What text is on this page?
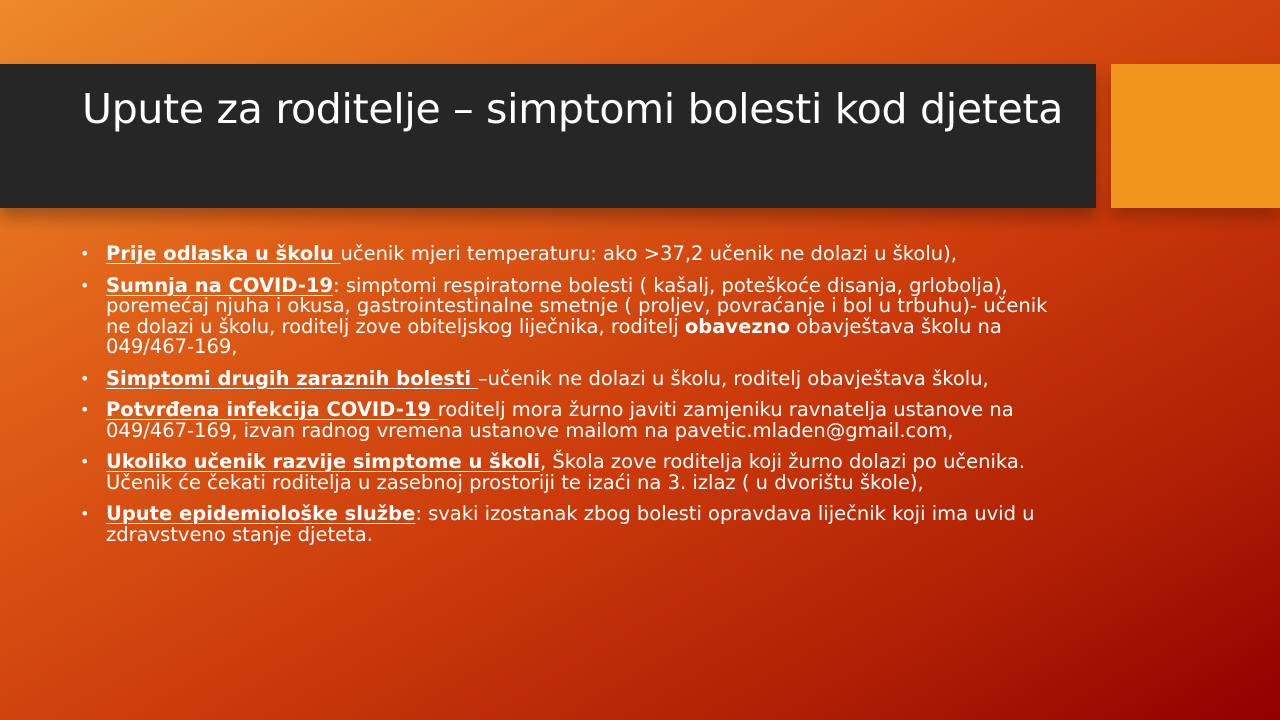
Upute za roditelje – simptomi bolesti kod djeteta
• Prije odlaska u školu učenik mjeri temperaturu: ako >37,2 učenik ne dolazi u školu),
• Sumnja na COVID-19: simptomi respiratorne bolesti ( kašalj, poteškoće disanja, grlobolja), poremećaj njuha i okusa, gastrointestinalne smetnje ( proljev, povraćanje i bol u trbuhu)- učenik ne dolazi u školu, roditelj zove obiteljskog liječnika, roditelj obavezno obavještava školu na 049/467-169,
• Simptomi drugih zaraznih bolesti –učenik ne dolazi u školu, roditelj obavještava školu,
• Potvrđena infekcija COVID-19 roditelj mora žurno javiti zamjeniku ravnatelja ustanove na 049/467-169, izvan radnog vremena ustanove mailom na pavetic.mladen@gmail.com,
• Ukoliko učenik razvije simptome u školi, Škola zove roditelja koji žurno dolazi po učenika. Učenik će čekati roditelja u zasebnoj prostoriji te izaći na 3. izlaz ( u dvorištu škole),
• Upute epidemiološke službe: svaki izostanak zbog bolesti opravdava liječnik koji ima uvid u zdravstveno stanje djeteta.
